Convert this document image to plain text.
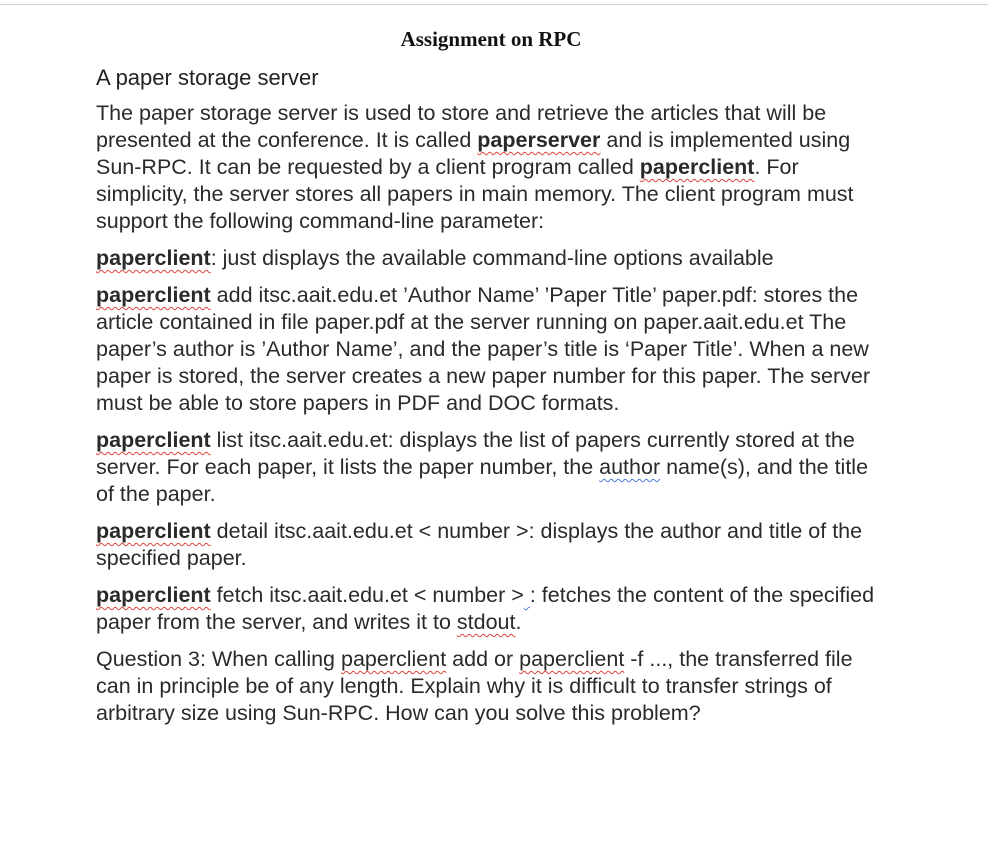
Assignment on RPC
A paper storage server

The paper storage server is used to store and retrieve the articles that will be presented at the conference. It is called paperserver and is implemented using Sun-RPC. It can be requested by a client program called paperclient. For simplicity, the server stores all papers in main memory. The client program must support the following command-line parameter:

paperclient: just displays the available command-line options available

paperclient add itsc.aait.edu.et ’Author Name’ ’Paper Title’ paper.pdf: stores the article contained in file paper.pdf at the server running on paper.aait.edu.et The paper’s author is ’Author Name’, and the paper’s title is ‘Paper Title’. When a new paper is stored, the server creates a new paper number for this paper. The server must be able to store papers in PDF and DOC formats.

paperclient list itsc.aait.edu.et: displays the list of papers currently stored at the server. For each paper, it lists the paper number, the author name(s), and the title of the paper.

paperclient detail itsc.aait.edu.et < number >: displays the author and title of the specified paper.

paperclient fetch itsc.aait.edu.et < number > : fetches the content of the specified paper from the server, and writes it to stdout.

Question 3: When calling paperclient add or paperclient -f ..., the transferred file can in principle be of any length. Explain why it is difficult to transfer strings of arbitrary size using Sun-RPC. How can you solve this problem?
